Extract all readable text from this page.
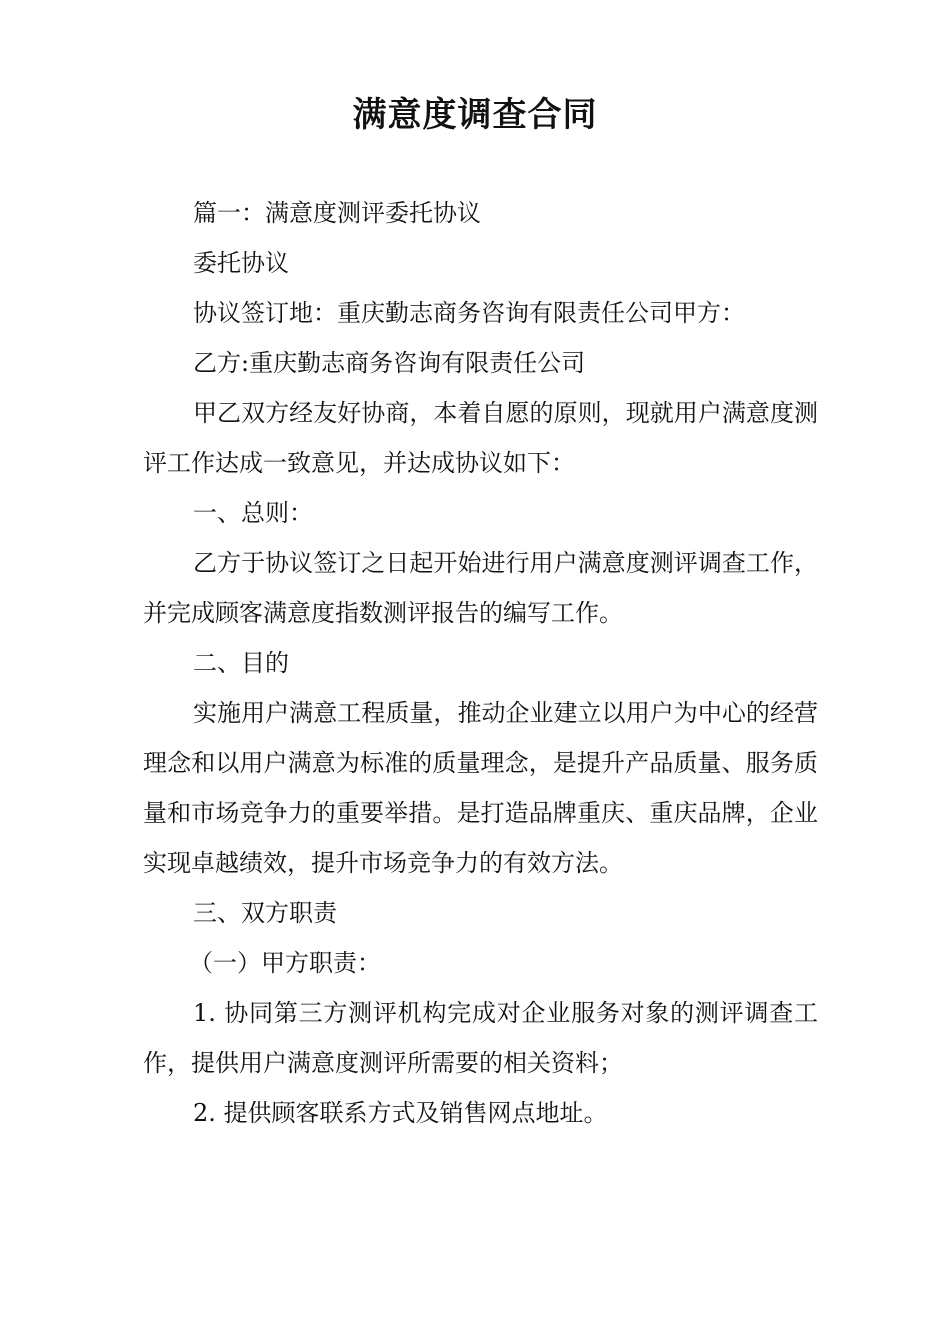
满意度调查合同

篇一：满意度测评委托协议

委托协议

协议签订地：重庆勤志商务咨询有限责任公司甲方：

乙方:重庆勤志商务咨询有限责任公司

甲乙双方经友好协商，本着自愿的原则，现就用户满意度测评工作达成一致意见，并达成协议如下：

一、总则：

乙方于协议签订之日起开始进行用户满意度测评调查工作，并完成顾客满意度指数测评报告的编写工作。

二、目的

实施用户满意工程质量，推动企业建立以用户为中心的经营理念和以用户满意为标准的质量理念，是提升产品质量、服务质量和市场竞争力的重要举措。是打造品牌重庆、重庆品牌，企业实现卓越绩效，提升市场竞争力的有效方法。

三、双方职责

（一）甲方职责：

1. 协同第三方测评机构完成对企业服务对象的测评调查工作，提供用户满意度测评所需要的相关资料；

2. 提供顾客联系方式及销售网点地址。
